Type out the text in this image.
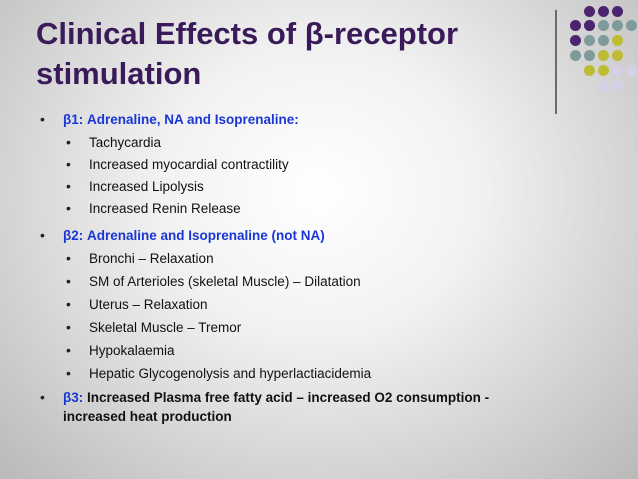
Clinical Effects of β-receptor stimulation
• β1: Adrenaline, NA and Isoprenaline:
• Tachycardia
• Increased myocardial contractility
• Increased Lipolysis
• Increased Renin Release
• β2: Adrenaline and Isoprenaline (not NA)
• Bronchi – Relaxation
• SM of Arterioles (skeletal Muscle) – Dilatation
• Uterus – Relaxation
• Skeletal Muscle – Tremor
• Hypokalaemia
• Hepatic Glycogenolysis and hyperlactiacidemia
• β3: Increased Plasma free fatty acid – increased O2 consumption -
increased heat production
